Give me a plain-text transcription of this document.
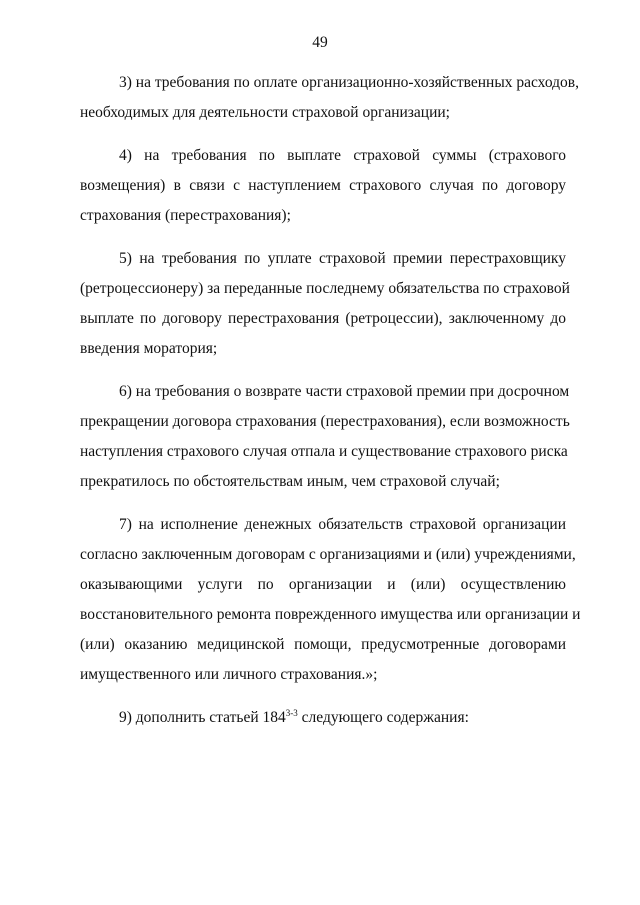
49
3) на требования по оплате организационно-хозяйственных расходов,
необходимых для деятельности страховой организации;
4) на требования по выплате страховой суммы (страхового
возмещения) в связи с наступлением страхового случая по договору
страхования (перестрахования);
5) на требования по уплате страховой премии перестраховщику
(ретроцессионеру) за переданные последнему обязательства по страховой
выплате по договору перестрахования (ретроцессии), заключенному до
введения моратория;
6) на требования о возврате части страховой премии при досрочном
прекращении договора страхования (перестрахования), если возможность
наступления страхового случая отпала и существование страхового риска
прекратилось по обстоятельствам иным, чем страховой случай;
7) на исполнение денежных обязательств страховой организации
согласно заключенным договорам с организациями и (или) учреждениями,
оказывающими услуги по организации и (или) осуществлению
восстановительного ремонта поврежденного имущества или организации и
(или) оказанию медицинской помощи, предусмотренные договорами
имущественного или личного страхования.»;
9) дополнить статьей 184$^{3-3}$ следующего содержания:
